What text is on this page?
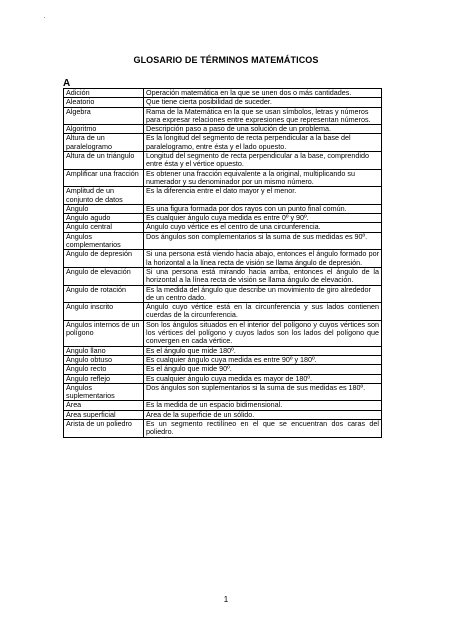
GLOSARIO DE TÉRMINOS MATEMÁTICOS
A
Adición	Operación matemática en la que se unen dos o más cantidades.
Aleatorio	Que tiene cierta posibilidad de suceder.
Algebra	Rama de la Matemática en la que se usan símbolos, letras y números para expresar relaciones entre expresiones que representan números.
Algoritmo	Descripción paso a paso de una solución de un problema.
Altura de un paralelogramo	Es la longitud del segmento de recta perpendicular a la base del paralelogramo, entre ésta y el lado opuesto.
Altura de un triángulo	Longitud del segmento de recta perpendicular a la base, comprendido entre ésta y el vértice opuesto.
Amplificar una fracción	Es obtener una fracción equivalente a la original, multiplicando su numerador y su denominador por un mismo número.
Amplitud de un conjunto de datos	Es la diferencia entre el dato mayor y el menor.
Ángulo	Es una figura formada por dos rayos con un punto final común.
Ángulo agudo	Es cualquier ángulo cuya medida es entre 0º y 90º.
Ángulo central	Ángulo cuyo vértice es el centro de una circunferencia.
Ángulos complementarios	Dos ángulos son complementarios si la suma de sus medidas es 90º.
Ángulo de depresión	Si una persona está viendo hacia abajo, entonces el ángulo formado por la horizontal a la línea recta de visión se llama ángulo de depresión.
Ángulo de elevación	Si una persona está mirando hacia arriba, entonces el ángulo de la horizontal a la línea recta de visión se llama ángulo de elevación.
Ángulo de rotación	Es la medida del ángulo que describe un movimiento de giro alrededor de un centro dado.
Ángulo inscrito	Ángulo cuyo vértice está en la circunferencia y sus lados contienen cuerdas de la circunferencia.
Ángulos internos de un polígono	Son los ángulos situados en el interior del polígono y cuyos vértices son los vértices del polígono y cuyos lados son los lados del polígono que convergen en cada vértice.
Ángulo llano	Es el ángulo que mide 180º.
Ángulo obtuso	Es cualquier ángulo cuya medida es entre 90º y 180º.
Ángulo recto	Es el ángulo que mide 90º.
Ángulo reflejo	Es cualquier ángulo cuya medida es mayor de 180º.
Ángulos suplementarios	Dos ángulos son suplementarios si la suma de sus medidas es 180º.
Área	Es la medida de un espacio bidimensional.
Área superficial	Área de la superficie de un sólido.
Arista de un poliedro	Es un segmento rectilíneo en el que se encuentran dos caras del poliedro.
1
